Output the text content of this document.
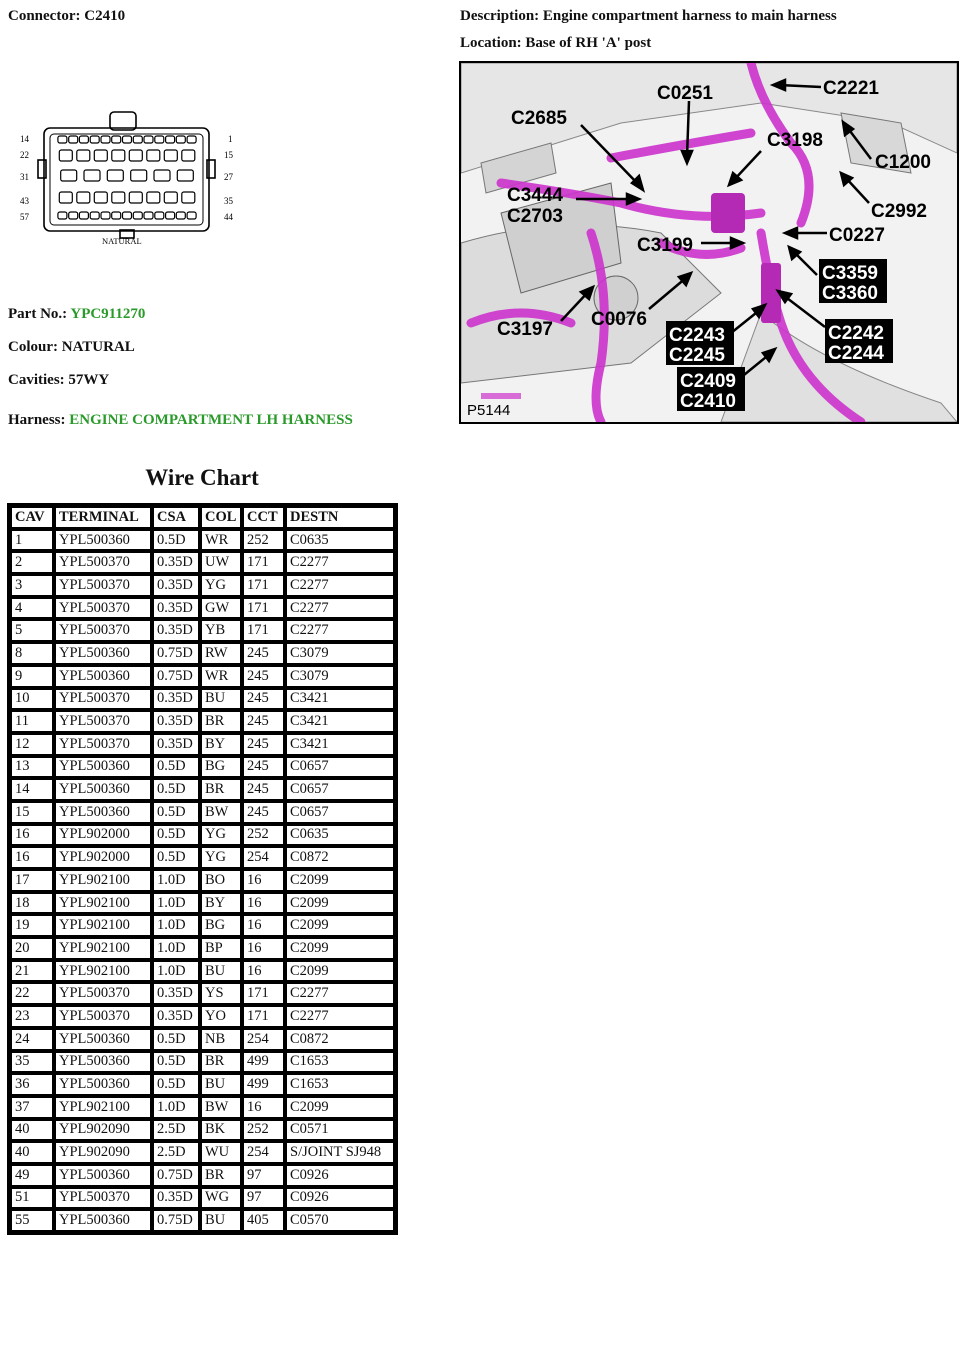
Connector: C2410	Description: Engine compartment harness to main harness
Location: Base of RH 'A' post
14
22
31
43
57
1
15
27
35
44
NATURAL
Part No.: YPC911270
Colour: NATURAL
Cavities: 57WY
Harness: ENGINE COMPARTMENT LH HARNESS
C2221
C0251
C2685
C3198
C1200
C2992
C3444
C2703
C0227
C3199
C3197 C0076
C3359
C3360
C2243
C2245
C2242
C2244
C2409
C2410
P5144
Wire Chart
CAV	TERMINAL	CSA	COL	CCT	DESTN
1	YPL500360	0.5D	WR	252	C0635
2	YPL500370	0.35D	UW	171	C2277
3	YPL500370	0.35D	YG	171	C2277
4	YPL500370	0.35D	GW	171	C2277
5	YPL500370	0.35D	YB	171	C2277
8	YPL500360	0.75D	RW	245	C3079
9	YPL500360	0.75D	WR	245	C3079
10	YPL500370	0.35D	BU	245	C3421
11	YPL500370	0.35D	BR	245	C3421
12	YPL500370	0.35D	BY	245	C3421
13	YPL500360	0.5D	BG	245	C0657
14	YPL500360	0.5D	BR	245	C0657
15	YPL500360	0.5D	BW	245	C0657
16	YPL902000	0.5D	YG	252	C0635
16	YPL902000	0.5D	YG	254	C0872
17	YPL902100	1.0D	BO	16	C2099
18	YPL902100	1.0D	BY	16	C2099
19	YPL902100	1.0D	BG	16	C2099
20	YPL902100	1.0D	BP	16	C2099
21	YPL902100	1.0D	BU	16	C2099
22	YPL500370	0.35D	YS	171	C2277
23	YPL500370	0.35D	YO	171	C2277
24	YPL500360	0.5D	NB	254	C0872
35	YPL500360	0.5D	BR	499	C1653
36	YPL500360	0.5D	BU	499	C1653
37	YPL902100	1.0D	BW	16	C2099
40	YPL902090	2.5D	BK	252	C0571
40	YPL902090	2.5D	WU	254	S/JOINT SJ948
49	YPL500360	0.75D	BR	97	C0926
51	YPL500370	0.35D	WG	97	C0926
55	YPL500360	0.75D	BU	405	C0570
